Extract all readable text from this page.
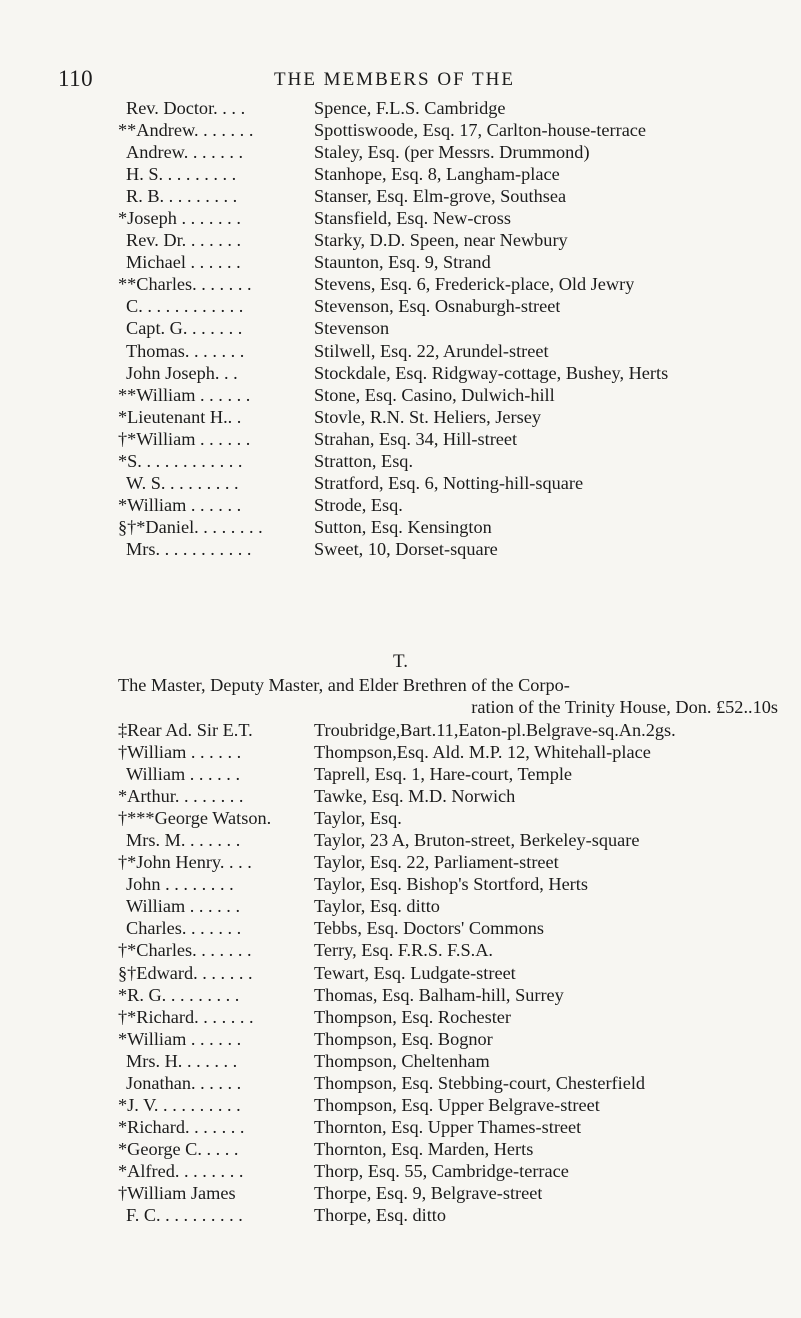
110	THE MEMBERS OF THE
Rev. Doctor. . . .	Spence, F.L.S. Cambridge
**Andrew. . . . . . .	Spottiswoode, Esq. 17, Carlton-house-terrace
Andrew. . . . . . .	Staley, Esq. (per Messrs. Drummond)
H. S. . . . . . . . .	Stanhope, Esq. 8, Langham-place
R. B. . . . . . . . .	Stanser, Esq. Elm-grove, Southsea
*Joseph . . . . . . .	Stansfield, Esq. New-cross
Rev. Dr. . . . . . .	Starky, D.D. Speen, near Newbury
Michael . . . . . .	Staunton, Esq. 9, Strand
**Charles. . . . . . .	Stevens, Esq. 6, Frederick-place, Old Jewry
C. . . . . . . . . . . .	Stevenson, Esq. Osnaburgh-street
Capt. G. . . . . . .	Stevenson
Thomas. . . . . . .	Stilwell, Esq. 22, Arundel-street
John Joseph. . .	Stockdale, Esq. Ridgway-cottage, Bushey, Herts
**William . . . . . .	Stone, Esq. Casino, Dulwich-hill
*Lieutenant H.. .	Stovle, R.N. St. Heliers, Jersey
†*William . . . . . .	Strahan, Esq. 34, Hill-street
*S. . . . . . . . . . . .	Stratton, Esq.
W. S. . . . . . . . .	Stratford, Esq. 6, Notting-hill-square
*William . . . . . .	Strode, Esq.
§†*Daniel. . . . . . . .	Sutton, Esq. Kensington
Mrs. . . . . . . . . . .	Sweet, 10, Dorset-square
T.

The Master, Deputy Master, and Elder Brethren of the Corpo-

ration of the Trinity House, Don. £52..10s

‡Rear Ad. Sir E.T.	Troubridge,Bart.11,Eaton-pl.Belgrave-sq.An.2gs.
†William . . . . . .	Thompson,Esq. Ald. M.P. 12, Whitehall-place
William . . . . . .	Taprell, Esq. 1, Hare-court, Temple
*Arthur. . . . . . . .	Tawke, Esq. M.D. Norwich
†***George Watson.	Taylor, Esq.
Mrs. M. . . . . . .	Taylor, 23 A, Bruton-street, Berkeley-square
†*John Henry. . . .	Taylor, Esq. 22, Parliament-street
John . . . . . . . .	Taylor, Esq. Bishop's Stortford, Herts
William . . . . . .	Taylor, Esq. ditto
Charles. . . . . . .	Tebbs, Esq. Doctors' Commons
†*Charles. . . . . . .	Terry, Esq. F.R.S. F.S.A.
§†Edward. . . . . . .	Tewart, Esq. Ludgate-street
*R. G. . . . . . . . .	Thomas, Esq. Balham-hill, Surrey
†*Richard. . . . . . .	Thompson, Esq. Rochester
*William . . . . . .	Thompson, Esq. Bognor
Mrs. H. . . . . . .	Thompson, Cheltenham
Jonathan. . . . . .	Thompson, Esq. Stebbing-court, Chesterfield
*J. V. . . . . . . . . .	Thompson, Esq. Upper Belgrave-street
*Richard. . . . . . .	Thornton, Esq. Upper Thames-street
*George C. . . . .	Thornton, Esq. Marden, Herts
*Alfred. . . . . . . .	Thorp, Esq. 55, Cambridge-terrace
†William James	Thorpe, Esq. 9, Belgrave-street
F. C. . . . . . . . . .	Thorpe, Esq. ditto
